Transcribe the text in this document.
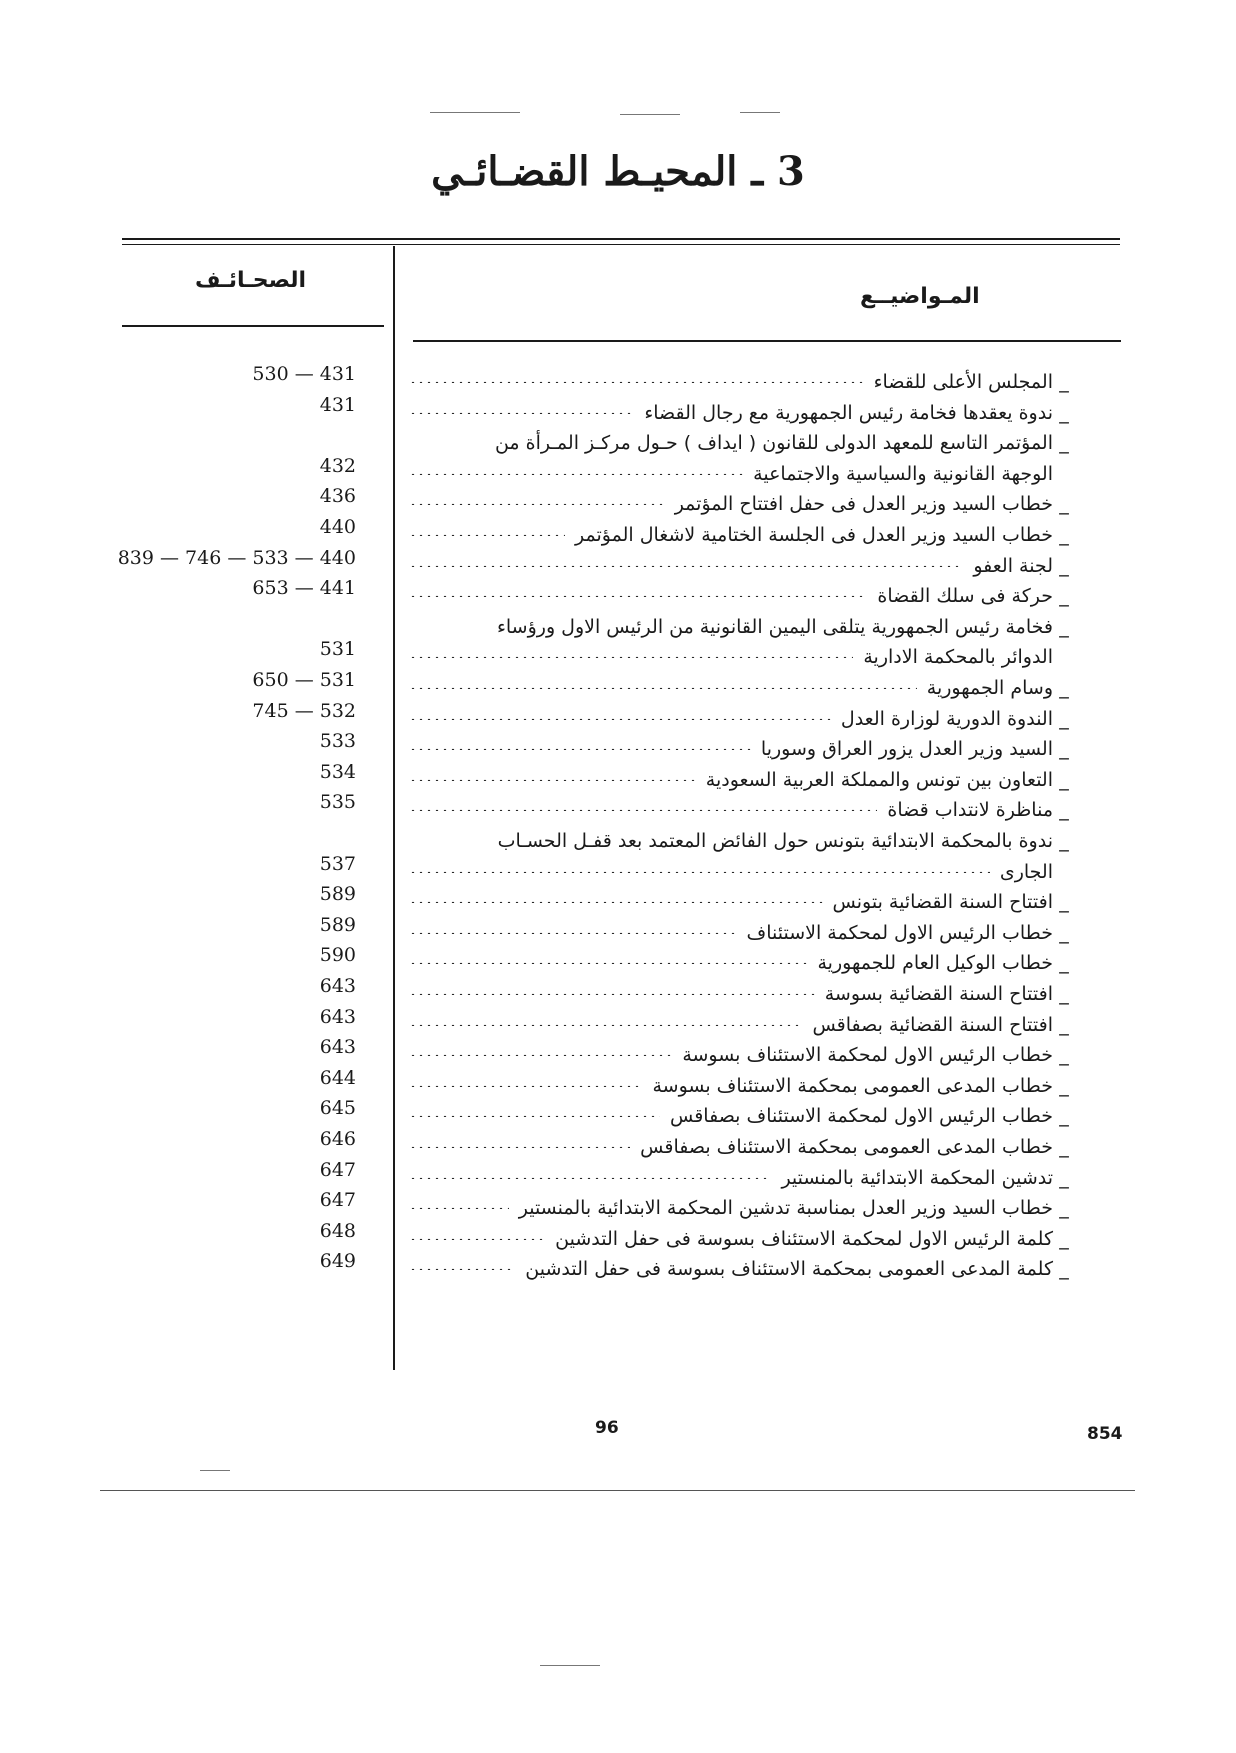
3 ـ المحيـط القضـائـي
الصحـائـف
المـواضيــع
_
المجلس الأعلى للقضاء
_
ندوة يعقدها فخامة رئيس الجمهورية مع رجال القضاء
_
المؤتمر التاسع للمعهد الدولى للقانون ( ايداف ) حـول مركـز المـرأة من
الوجهة القانونية والسياسية والاجتماعية
_
خطاب السيد وزير العدل فى حفل افتتاح المؤتمر
_
خطاب السيد وزير العدل فى الجلسة الختامية لاشغال المؤتمر
_
لجنة العفو
_
حركة فى سلك القضاة
_
فخامة رئيس الجمهورية يتلقى اليمين القانونية من الرئيس الاول ورؤساء
الدوائر بالمحكمة الادارية
_
وسام الجمهورية
_
الندوة الدورية لوزارة العدل
_
السيد وزير العدل يزور العراق وسوريا
_
التعاون بين تونس والمملكة العربية السعودية
_
مناظرة لانتداب قضاة
_
ندوة بالمحكمة الابتدائية بتونس حول الفائض المعتمد بعد قفـل الحسـاب
الجارى
_
افتتاح السنة القضائية بتونس
_
خطاب الرئيس الاول لمحكمة الاستئناف
_
خطاب الوكيل العام للجمهورية
_
افتتاح السنة القضائية بسوسة
_
افتتاح السنة القضائية بصفاقس
_
خطاب الرئيس الاول لمحكمة الاستئناف بسوسة
_
خطاب المدعى العمومى بمحكمة الاستئناف بسوسة
_
خطاب الرئيس الاول لمحكمة الاستئناف بصفاقس
_
خطاب المدعى العمومى بمحكمة الاستئناف بصفاقس
_
تدشين المحكمة الابتدائية بالمنستير
_
خطاب السيد وزير العدل بمناسبة تدشين المحكمة الابتدائية بالمنستير
_
كلمة الرئيس الاول لمحكمة الاستئناف بسوسة فى حفل التدشين
_
كلمة المدعى العمومى بمحكمة الاستئناف بسوسة فى حفل التدشين
530 — 431
431
432
436
440
839 — 746 — 533 — 440
653 — 441
531
650 — 531
745 — 532
533
534
535
537
589
589
590
643
643
643
644
645
646
647
647
648
649
96	854
